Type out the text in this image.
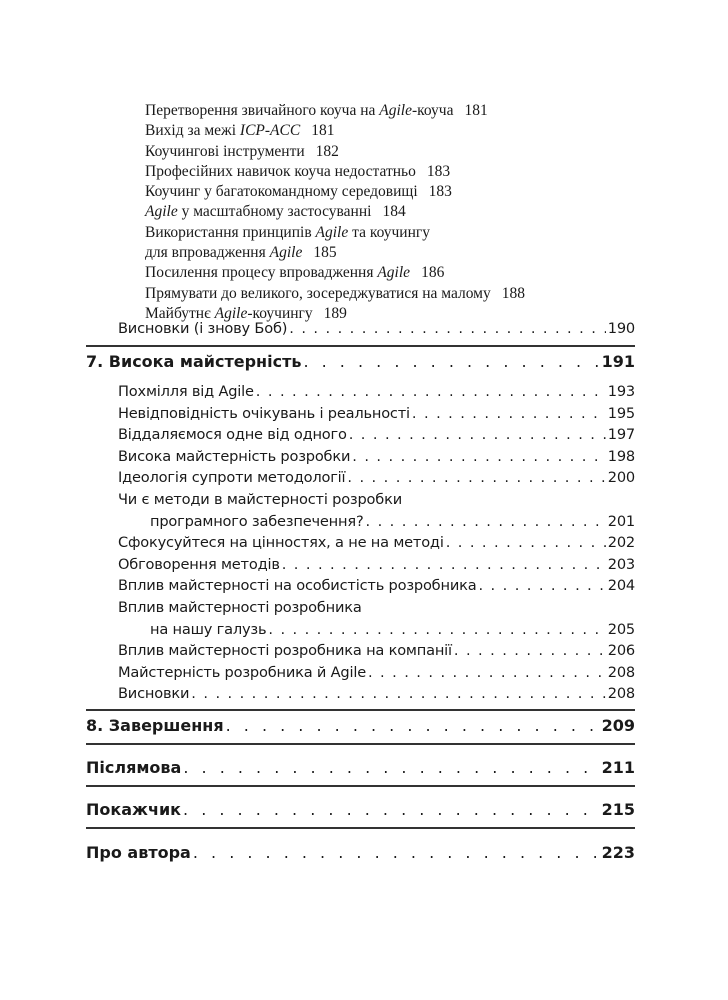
Перетворення звичайного коуча на Agile-коуча 181
Вихід за межі ICP-ACC 181
Коучингові інструменти 182
Професійних навичок коуча недостатньо 183
Коучинг у багатокомандному середовищі 183
Agile у масштабному застосуванні 184
Використання принципів Agile та коучингу
для впровадження Agile 185
Посилення процесу впровадження Agile 186
Прямувати до великого, зосереджуватися на малому 188
Майбутнє Agile-коучингу 189
Висновки (і знову Боб) . . .	190
7. Висока майстерність . . .	191
Похмілля від Agile . . .	193
Невідповідність очікувань і реальності . . .	195
Віддаляємося одне від одного . . .	197
Висока майстерність розробки . . .	198
Ідеологія супроти методології . . .	200
Чи є методи в майстерності розробки
програмного забезпечення? . . .	201
Сфокусуйтеся на цінностях, а не на методі . . .	202
Обговорення методів . . .	203
Вплив майстерності на особистість розробника . . .	204
Вплив майстерності розробника
на нашу галузь . . .	205
Вплив майстерності розробника на компанії . . .	206
Майстерність розробника й Agile . . .	208
Висновки . . .	208
8. Завершення . . .	209
Післямова . . .	211
Покажчик . . .	215
Про автора . . .	223
